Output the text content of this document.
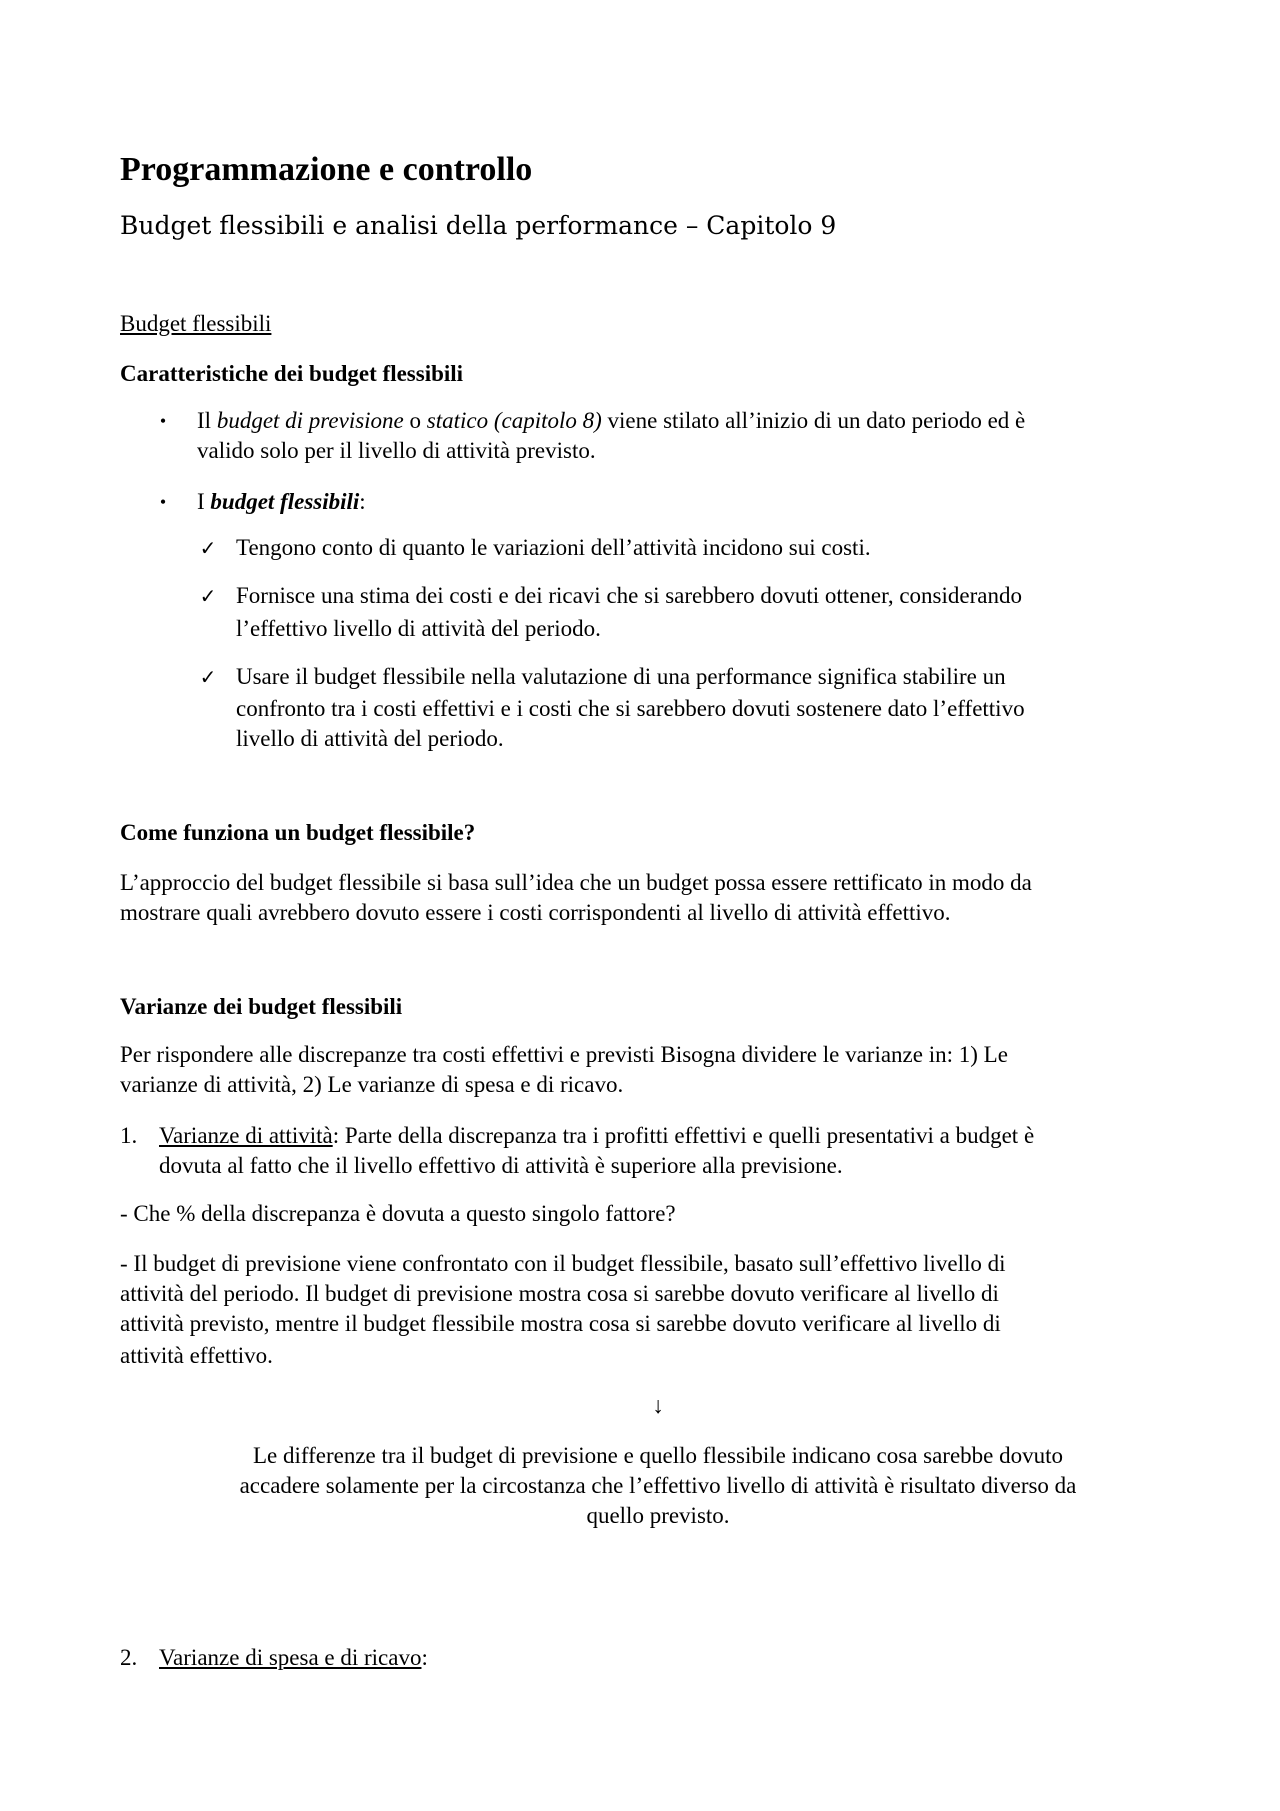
Programmazione e controllo
Budget flessibili e analisi della performance – Capitolo 9
Budget flessibili
Caratteristiche dei budget flessibili
• Il budget di previsione o statico (capitolo 8) viene stilato all’inizio di un dato periodo ed è
valido solo per il livello di attività previsto.
• I budget flessibili:
✓ Tengono conto di quanto le variazioni dell’attività incidono sui costi.
✓ Fornisce una stima dei costi e dei ricavi che si sarebbero dovuti ottener, considerando
l’effettivo livello di attività del periodo.
✓ Usare il budget flessibile nella valutazione di una performance significa stabilire un
confronto tra i costi effettivi e i costi che si sarebbero dovuti sostenere dato l’effettivo
livello di attività del periodo.
Come funziona un budget flessibile?
L’approccio del budget flessibile si basa sull’idea che un budget possa essere rettificato in modo da
mostrare quali avrebbero dovuto essere i costi corrispondenti al livello di attività effettivo.
Varianze dei budget flessibili
Per rispondere alle discrepanze tra costi effettivi e previsti Bisogna dividere le varianze in: 1) Le
varianze di attività, 2) Le varianze di spesa e di ricavo.
1. Varianze di attività: Parte della discrepanza tra i profitti effettivi e quelli presentativi a budget è
dovuta al fatto che il livello effettivo di attività è superiore alla previsione.
- Che % della discrepanza è dovuta a questo singolo fattore?
- Il budget di previsione viene confrontato con il budget flessibile, basato sull’effettivo livello di
attività del periodo. Il budget di previsione mostra cosa si sarebbe dovuto verificare al livello di
attività previsto, mentre il budget flessibile mostra cosa si sarebbe dovuto verificare al livello di
attività effettivo.
↓
Le differenze tra il budget di previsione e quello flessibile indicano cosa sarebbe dovuto
accadere solamente per la circostanza che l’effettivo livello di attività è risultato diverso da
quello previsto.
2. Varianze di spesa e di ricavo:
